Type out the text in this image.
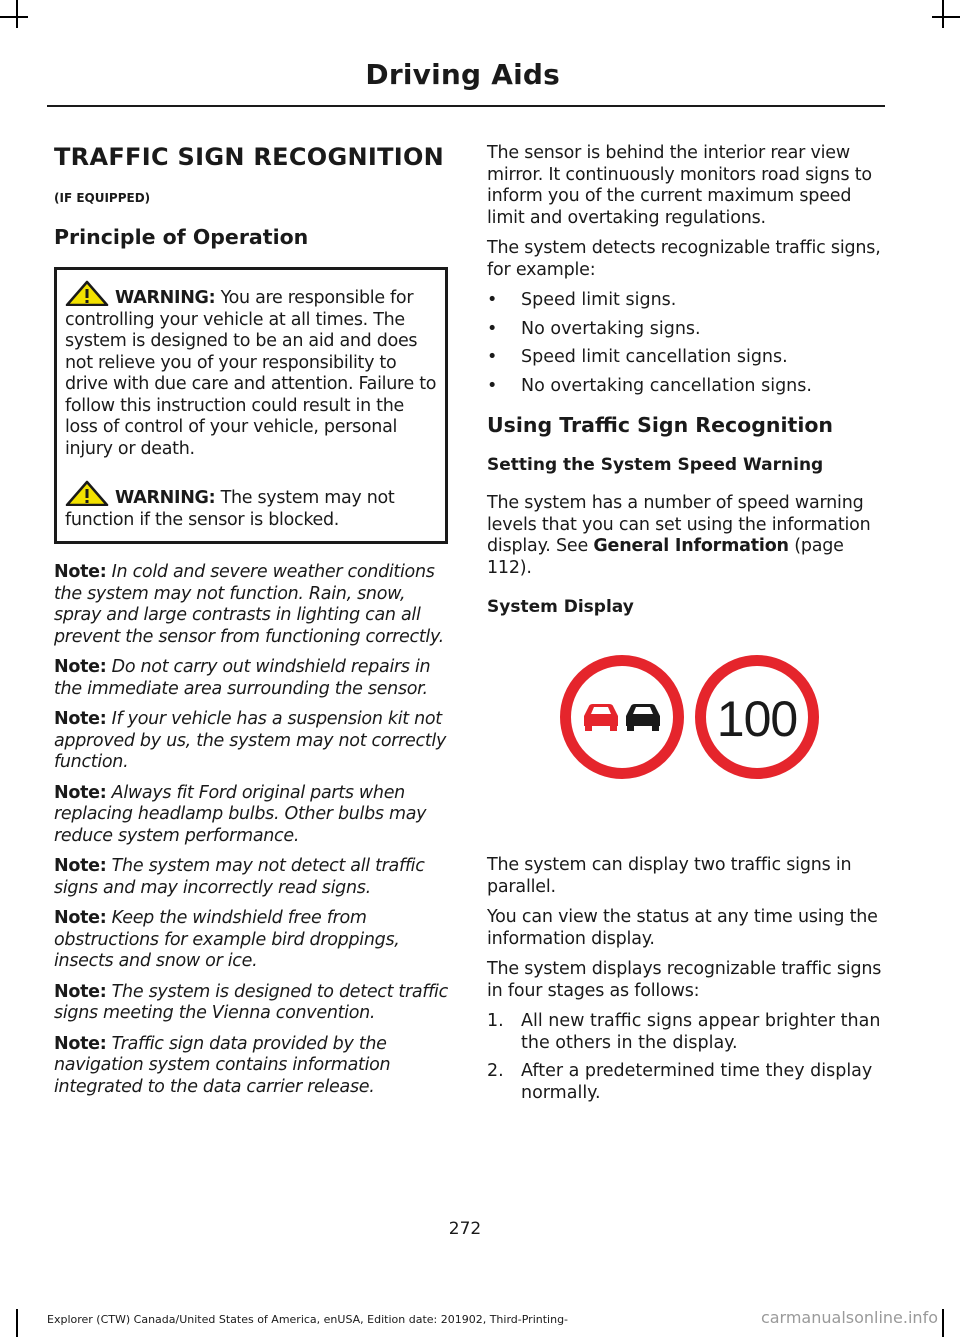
Driving Aids

TRAFFIC SIGN RECOGNITION

(IF EQUIPPED)

Principle of Operation

WARNING: You are responsible for controlling your vehicle at all times. The system is designed to be an aid and does not relieve you of your responsibility to drive with due care and attention. Failure to follow this instruction could result in the loss of control of your vehicle, personal injury or death.

WARNING: The system may not function if the sensor is blocked.

Note: In cold and severe weather conditions the system may not function. Rain, snow, spray and large contrasts in lighting can all prevent the sensor from functioning correctly.

Note: Do not carry out windshield repairs in the immediate area surrounding the sensor.

Note: If your vehicle has a suspension kit not approved by us, the system may not correctly function.

Note: Always fit Ford original parts when replacing headlamp bulbs. Other bulbs may reduce system performance.

Note: The system may not detect all traffic signs and may incorrectly read signs.

Note: Keep the windshield free from obstructions for example bird droppings, insects and snow or ice.

Note: The system is designed to detect traffic signs meeting the Vienna convention.

Note: Traffic sign data provided by the navigation system contains information integrated to the data carrier release.

The sensor is behind the interior rear view mirror. It continuously monitors road signs to inform you of the current maximum speed limit and overtaking regulations.

The system detects recognizable traffic signs, for example:

• Speed limit signs.
• No overtaking signs.
• Speed limit cancellation signs.
• No overtaking cancellation signs.

Using Traffic Sign Recognition

Setting the System Speed Warning

The system has a number of speed warning levels that you can set using the information display. See General Information (page 112).

System Display

100

The system can display two traffic signs in parallel.

You can view the status at any time using the information display.

The system displays recognizable traffic signs in four stages as follows:

1. All new traffic signs appear brighter than the others in the display.
2. After a predetermined time they display normally.
272
Explorer (CTW) Canada/United States of America, enUSA, Edition date: 201902, Third-Printing-	carmanualsonline.info
